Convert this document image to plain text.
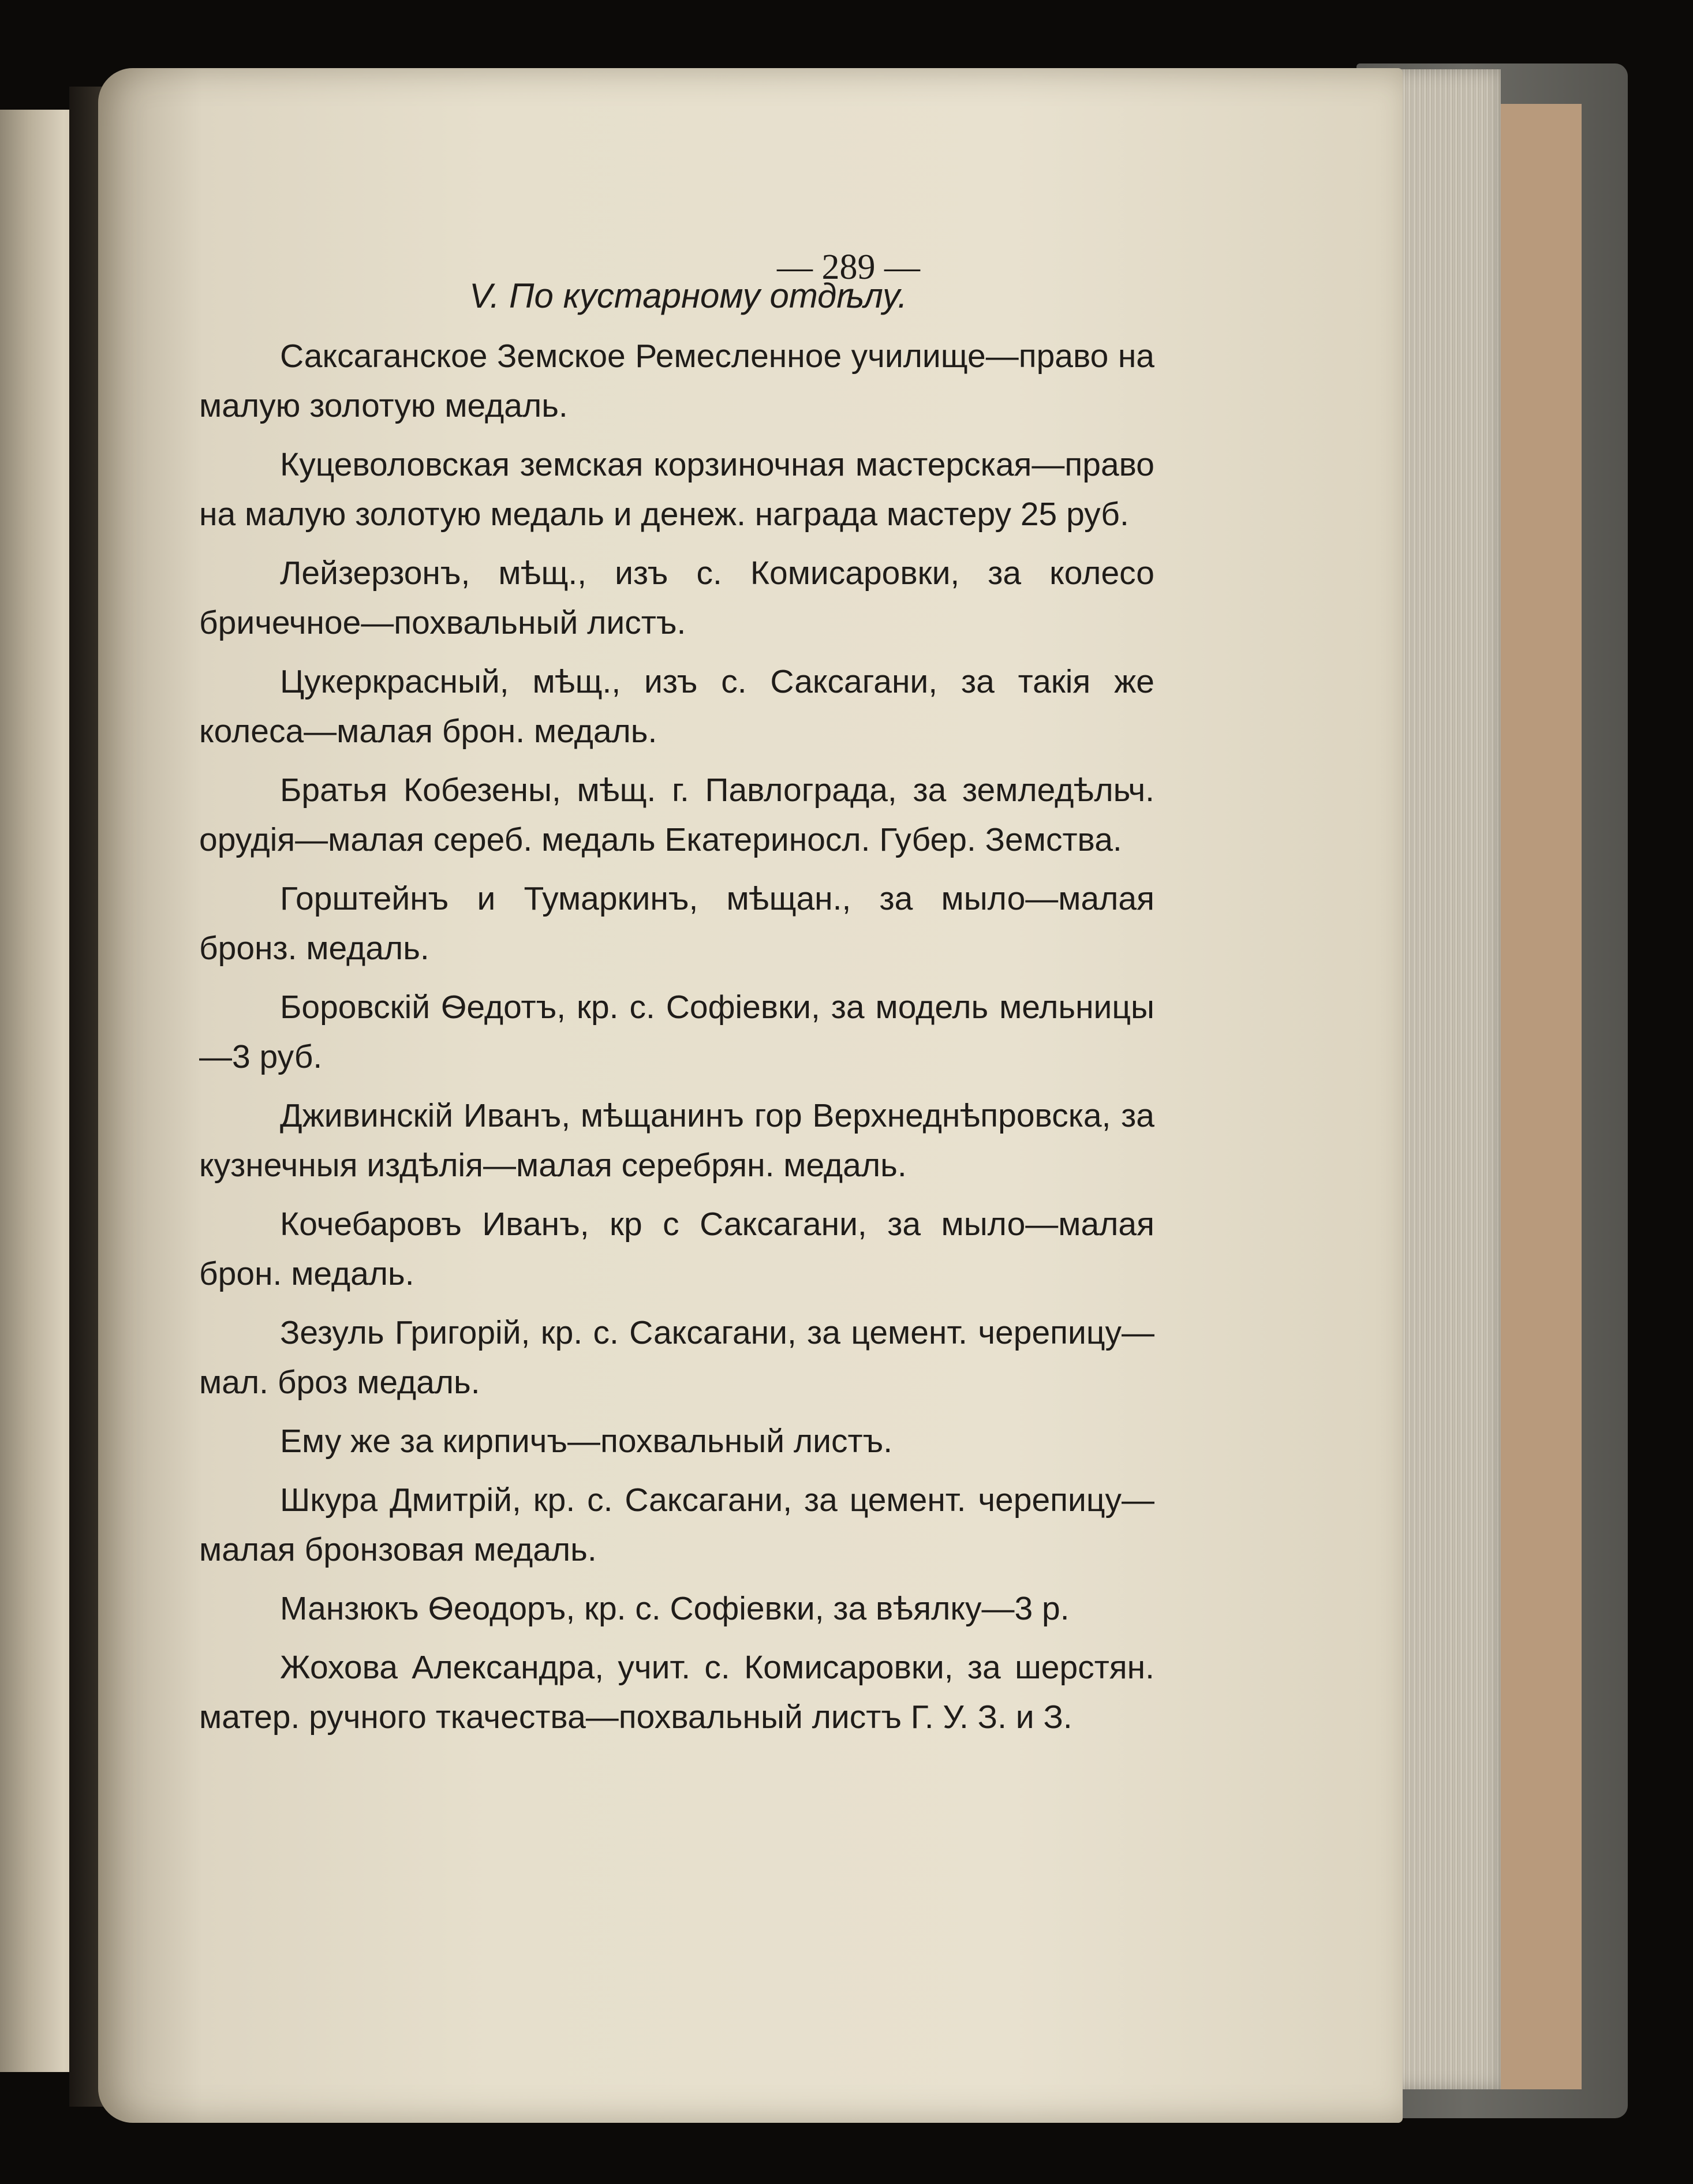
— 289 —

V. По кустарному отдѣлу.

Саксаганское Земское Ремесленное училище—право на малую золотую медаль.

Куцеволовская земская корзиночная мастерская—право на малую золотую медаль и денеж. награда мастеру 25 руб.

Лейзерзонъ, мѣщ., изъ с. Комисаровки, за колесо бричечное—похвальный листъ.

Цукеркрасный, мѣщ., изъ с. Саксагани, за такія же колеса—малая брон. медаль.

Братья Кобезены, мѣщ. г. Павлограда, за земледѣльч. орудія—малая сереб. медаль Екатериносл. Губер. Земства.

Горштейнъ и Тумаркинъ, мѣщан., за мыло—малая бронз. медаль.

Боровскій Ѳедотъ, кр. с. Софіевки, за модель мельницы—3 руб.

Дживинскій Иванъ, мѣщанинъ гор Верхнеднѣпровска, за кузнечныя издѣлія—малая серебрян. медаль.

Кочебаровъ Иванъ, кр с Саксагани, за мыло—малая брон. медаль.

Зезуль Григорій, кр. с. Саксагани, за цемент. черепицу—мал. броз медаль.

Ему же за кирпичъ—похвальный листъ.

Шкура Дмитрій, кр. с. Саксагани, за цемент. черепицу—малая бронзовая медаль.

Манзюкъ Ѳеодоръ, кр. с. Софіевки, за вѣялку—3 р.

Жохова Александра, учит. с. Комисаровки, за шерстян. матер. ручного ткачества—похвальный листъ Г. У. З. и З.
